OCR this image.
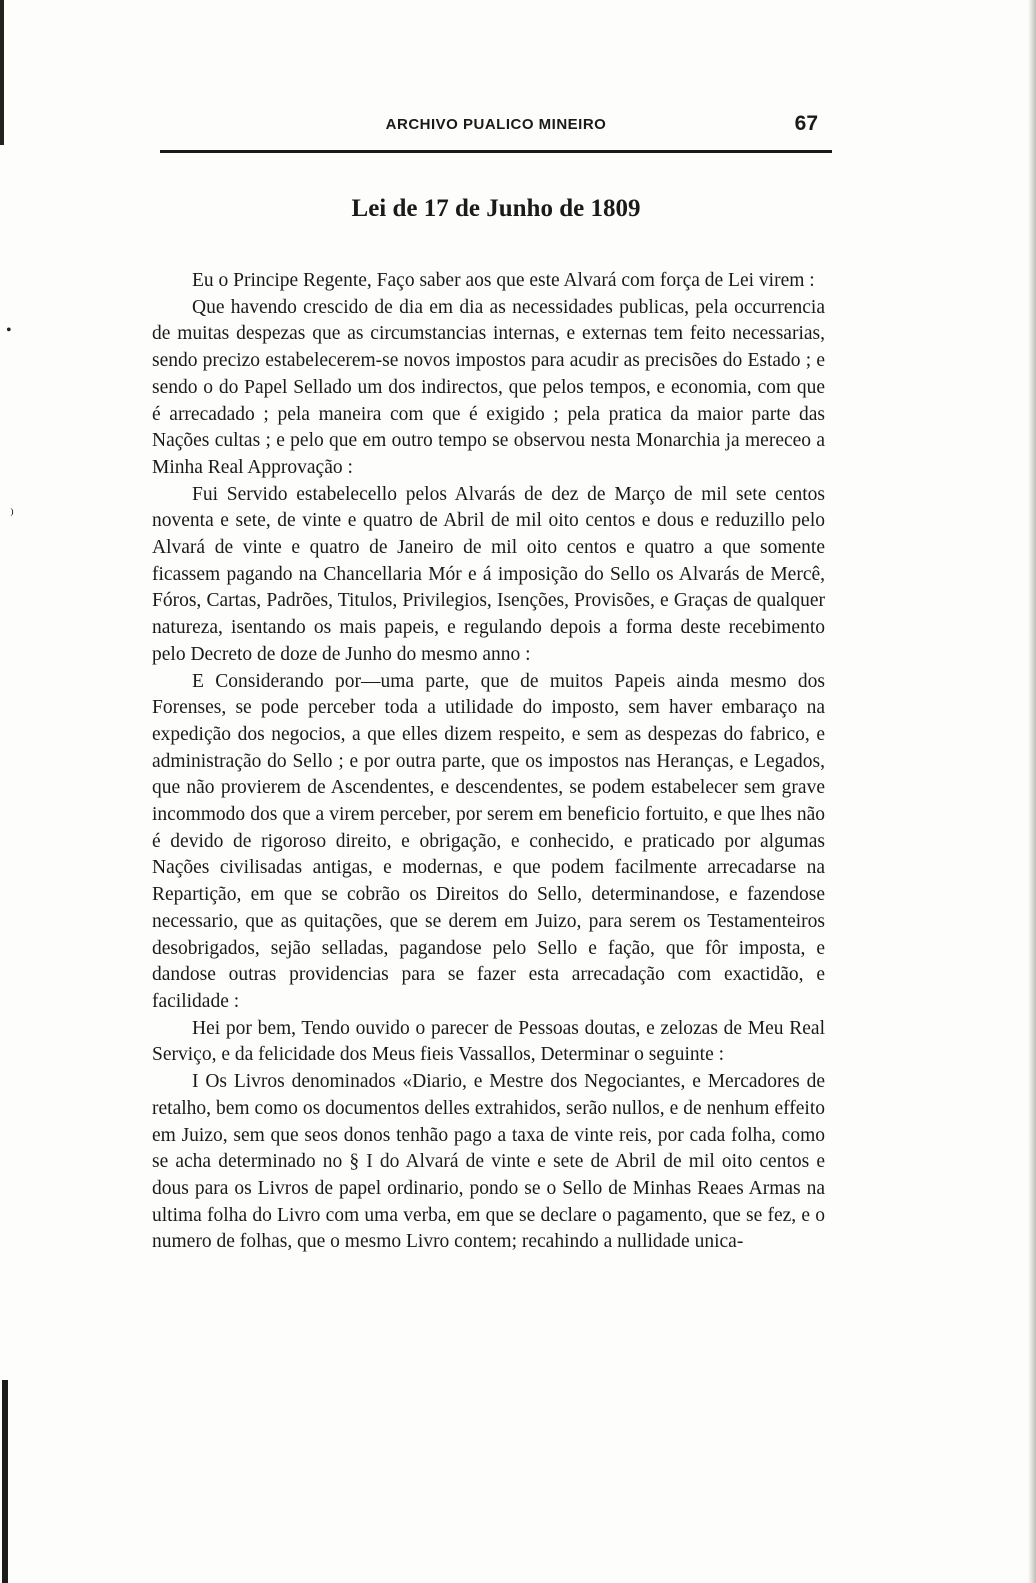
ARCHIVO PUALICO MINEIRO	67
Lei de 17 de Junho de 1809

Eu o Principe Regente, Faço saber aos que este Alvará com força de Lei virem :

Que havendo crescido de dia em dia as necessidades publicas, pela occurrencia de muitas despezas que as circumstancias internas, e externas tem feito necessarias, sendo precizo estabelecerem-se novos impostos para acudir as precisões do Estado ; e sendo o do Papel Sellado um dos indirectos, que pelos tempos, e economia, com que é arrecadado ; pela maneira com que é exigido ; pela pratica da maior parte das Nações cultas ; e pelo que em outro tempo se observou nesta Monarchia ja mereceo a Minha Real Approvação :

Fui Servido estabelecello pelos Alvarás de dez de Março de mil sete centos noventa e sete, de vinte e quatro de Abril de mil oito centos e dous e reduzillo pelo Alvará de vinte e quatro de Janeiro de mil oito centos e quatro a que somente ficassem pagando na Chancellaria Mór e á imposição do Sello os Alvarás de Mercê, Fóros, Cartas, Padrões, Titulos, Privilegios, Isenções, Provisões, e Graças de qualquer natureza, isentando os mais papeis, e regulando depois a forma deste recebimento pelo Decreto de doze de Junho do mesmo anno :

E Considerando por—uma parte, que de muitos Papeis ainda mesmo dos Forenses, se pode perceber toda a utilidade do imposto, sem haver embaraço na expedição dos negocios, a que elles dizem respeito, e sem as despezas do fabrico, e administração do Sello ; e por outra parte, que os impostos nas Heranças, e Legados, que não provierem de Ascendentes, e descendentes, se podem estabelecer sem grave incommodo dos que a virem perceber, por serem em beneficio fortuito, e que lhes não é devido de rigoroso direito, e obrigação, e conhecido, e praticado por algumas Nações civilisadas antigas, e modernas, e que podem facilmente arrecadarse na Repartição, em que se cobrão os Direitos do Sello, determinandose, e fazendose necessario, que as quitações, que se derem em Juizo, para serem os Testamenteiros desobrigados, sejão selladas, pagandose pelo Sello e fação, que fôr imposta, e dandose outras providencias para se fazer esta arrecadação com exactidão, e facilidade :

Hei por bem, Tendo ouvido o parecer de Pessoas doutas, e zelozas de Meu Real Serviço, e da felicidade dos Meus fieis Vassallos, Determinar o seguinte :

I Os Livros denominados «Diario, e Mestre dos Negociantes, e Mercadores de retalho, bem como os documentos delles extrahidos, serão nullos, e de nenhum effeito em Juizo, sem que seos donos tenhão pago a taxa de vinte reis, por cada folha, como se acha determinado no § I do Alvará de vinte e sete de Abril de mil oito centos e dous para os Livros de papel ordinario, pondo se o Sello de Minhas Reaes Armas na ultima folha do Livro com uma verba, em que se declare o pagamento, que se fez, e o numero de folhas, que o mesmo Livro contem; recahindo a nullidade unica-

•
⁾
